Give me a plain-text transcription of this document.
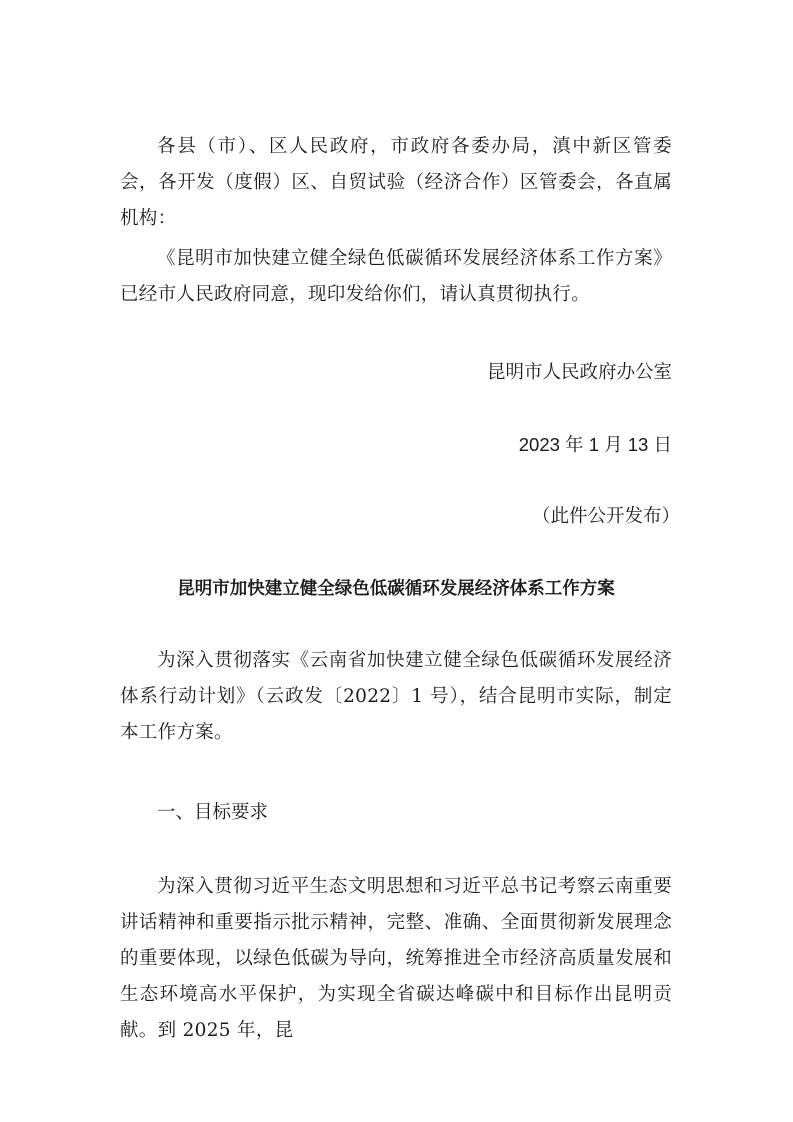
各县（市）、区人民政府，市政府各委办局，滇中新区管委会，各开发（度假）区、自贸试验（经济合作）区管委会，各直属机构：

《昆明市加快建立健全绿色低碳循环发展经济体系工作方案》已经市人民政府同意，现印发给你们，请认真贯彻执行。

昆明市人民政府办公室

2023 年 1 月 13 日

（此件公开发布）

昆明市加快建立健全绿色低碳循环发展经济体系工作方案

为深入贯彻落实《云南省加快建立健全绿色低碳循环发展经济体系行动计划》（云政发〔2022〕1 号），结合昆明市实际，制定本工作方案。

一、目标要求

为深入贯彻习近平生态文明思想和习近平总书记考察云南重要讲话精神和重要指示批示精神，完整、准确、全面贯彻新发展理念的重要体现，以绿色低碳为导向，统筹推进全市经济高质量发展和生态环境高水平保护，为实现全省碳达峰碳中和目标作出昆明贡献。到 2025 年，昆
